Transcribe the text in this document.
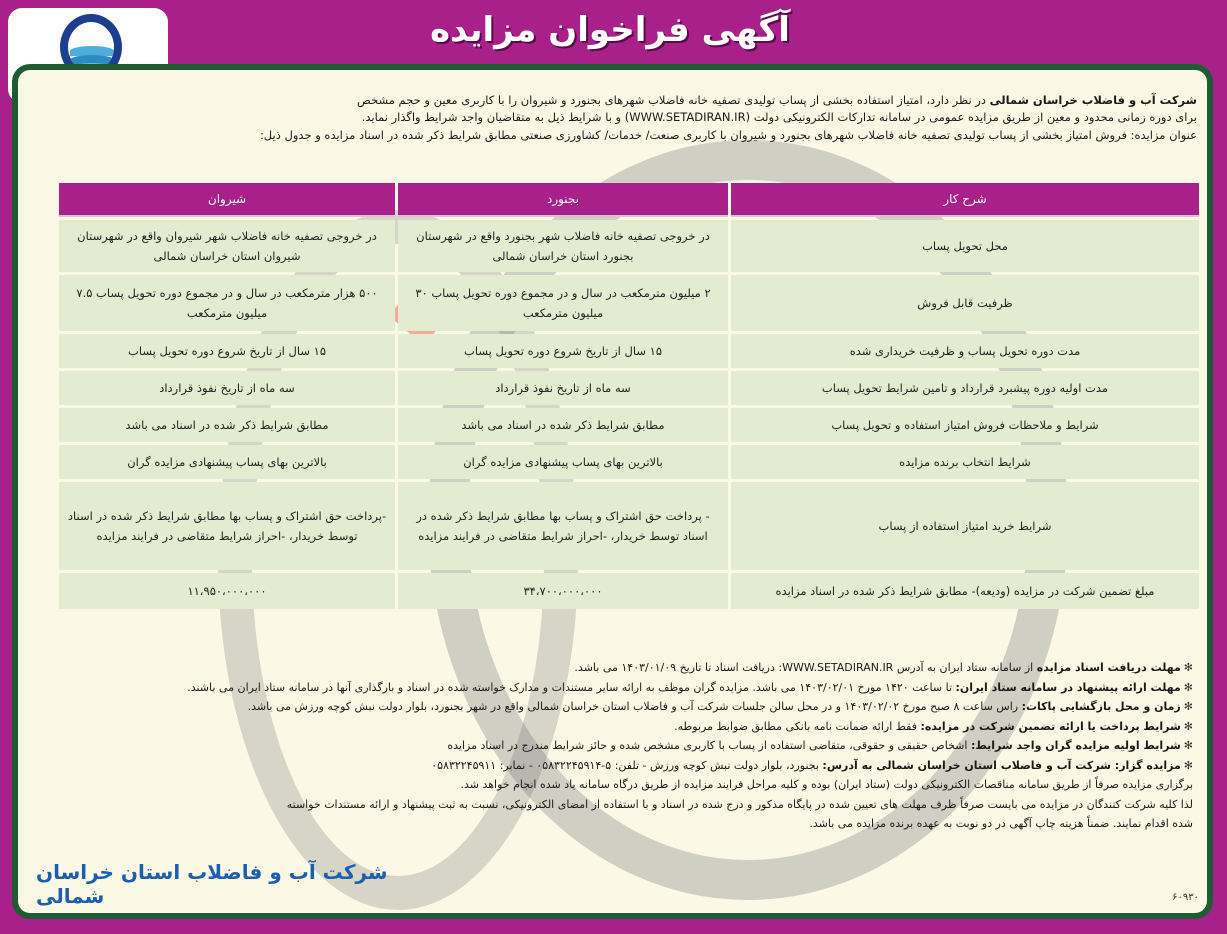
آگهی فراخوان مزایده
شرکت آب و فاضلاب خراسان شمالی در نظر دارد، امتیاز استفاده بخشی از پساب تولیدی تصفیه خانه فاضلاب شهرهای بجنورد و شیروان را با کاربری معین و حجم مشخص
برای دوره زمانی محدود و معین از طریق مزایده عمومی در سامانه تدارکات الکترونیکی دولت (WWW.SETADIRAN.IR) و با شرایط ذیل به متقاضیان واجد شرایط واگذار نماید.
عنوان مزایده: فروش امتیاز بخشی از پساب تولیدی تصفیه خانه فاضلاب شهرهای بجنورد و شیروان با کاربری صنعت/ خدمات/ کشاورزی صنعتی مطابق شرایط ذکر شده در اسناد مزایده و جدول ذیل:
شرح کار	بجنورد	شیروان
محل تحویل پساب	در خروجی تصفیه خانه فاضلاب شهر بجنورد واقع در شهرستان بجنورد استان خراسان شمالی	در خروجی تصفیه خانه فاضلاب شهر شیروان واقع در شهرستان شیروان استان خراسان شمالی
ظرفیت قابل فروش	۲ میلیون مترمکعب در سال و در مجموع دوره تحویل پساب ۳۰ میلیون مترمکعب	۵۰۰ هزار مترمکعب در سال و در مجموع دوره تحویل پساب ۷.۵ میلیون مترمکعب
مدت دوره تحویل پساب و ظرفیت خریداری شده	۱۵ سال از تاریخ شروع دوره تحویل پساب	۱۵ سال از تاریخ شروع دوره تحویل پساب
مدت اولیه دوره پیشبرد قرارداد و تامین شرایط تحویل پساب	سه ماه از تاریخ نفوذ قرارداد	سه ماه از تاریخ نفوذ قرارداد
شرایط و ملاحظات فروش امتیاز استفاده و تحویل پساب	مطابق شرایط ذکر شده در اسناد می باشد	مطابق شرایط ذکر شده در اسناد می باشد
شرایط انتخاب برنده مزایده	بالاترین بهای پساب پیشنهادی مزایده گران	بالاترین بهای پساب پیشنهادی مزایده گران
شرایط خرید امتیاز استفاده از پساب	- پرداخت حق اشتراک و پساب بها مطابق شرایط ذکر شده در اسناد توسط خریدار، -احراز شرایط متقاضی در فرایند مزایده	-پرداخت حق اشتراک و پساب بها مطابق شرایط ذکر شده در اسناد توسط خریدار، -احراز شرایط متقاضی در فرایند مزایده
مبلغ تضمین شرکت در مزایده (ودیعه)- مطابق شرایط ذکر شده در اسناد مزایده	۳۴،۷۰۰،۰۰۰،۰۰۰	۱۱،۹۵۰،۰۰۰،۰۰۰
✻مهلت دریافت اسناد مزایده از سامانه ستاد ایران به آدرس WWW.SETADIRAN.IR: دریافت اسناد تا تاریخ ۱۴۰۳/۰۱/۰۹ می باشد.
✻مهلت ارائه پیشنهاد در سامانه ستاد ایران: تا ساعت ۱۴۲۰ مورخ ۱۴۰۳/۰۲/۰۱ می باشد. مزایده گران موظف به ارائه سایر مستندات و مدارک خواسته شده در اسناد و بارگذاری آنها در سامانه ستاد ایران می باشند.
✻زمان و محل بازگشایی پاکات: راس ساعت ۸ صبح مورخ ۱۴۰۳/۰۲/۰۲ و در محل سالن جلسات شرکت آب و فاضلاب استان خراسان شمالی واقع در شهر بجنورد، بلوار دولت نبش کوچه ورزش می باشد.
✻شرایط پرداخت یا ارائه تضمین شرکت در مزایده: فقط ارائه ضمانت نامه بانکی مطابق ضوابط مربوطه.
✻شرایط اولیه مزایده گران واجد شرایط: اشخاص حقیقی و حقوقی، متقاضی استفاده از پساب با کاربری مشخص شده و حائز شرایط مندرج در اسناد مزایده
✻مزایده گزار: شرکت آب و فاضلاب استان خراسان شمالی به آدرس: بجنورد، بلوار دولت نبش کوچه ورزش - تلفن: ۵-۰۵۸۳۲۲۴۵۹۱۴ - نمابر: ۰۵۸۳۲۲۴۵۹۱۱
برگزاری مزایده صرفاً از طریق سامانه مناقصات الکترونیکی دولت (ستاد ایران) بوده و کلیه مراحل فرایند مزایده از طریق درگاه سامانه یاد شده انجام خواهد شد.
لذا کلیه شرکت کنندگان در مزایده می بایست صرفاً ظرف مهلت های تعیین شده در پایگاه مذکور و درج شده در اسناد و با استفاده از امضای الکترونیکی، نسبت به ثبت پیشنهاد و ارائه مستندات خواسته
شده اقدام نمایند. ضمناً هزینه چاپ آگهی در دو نوبت به عهده برنده مزایده می باشد.
شرکت آب و فاضلاب استان خراسان شمالی	۶۰۹۳۰
